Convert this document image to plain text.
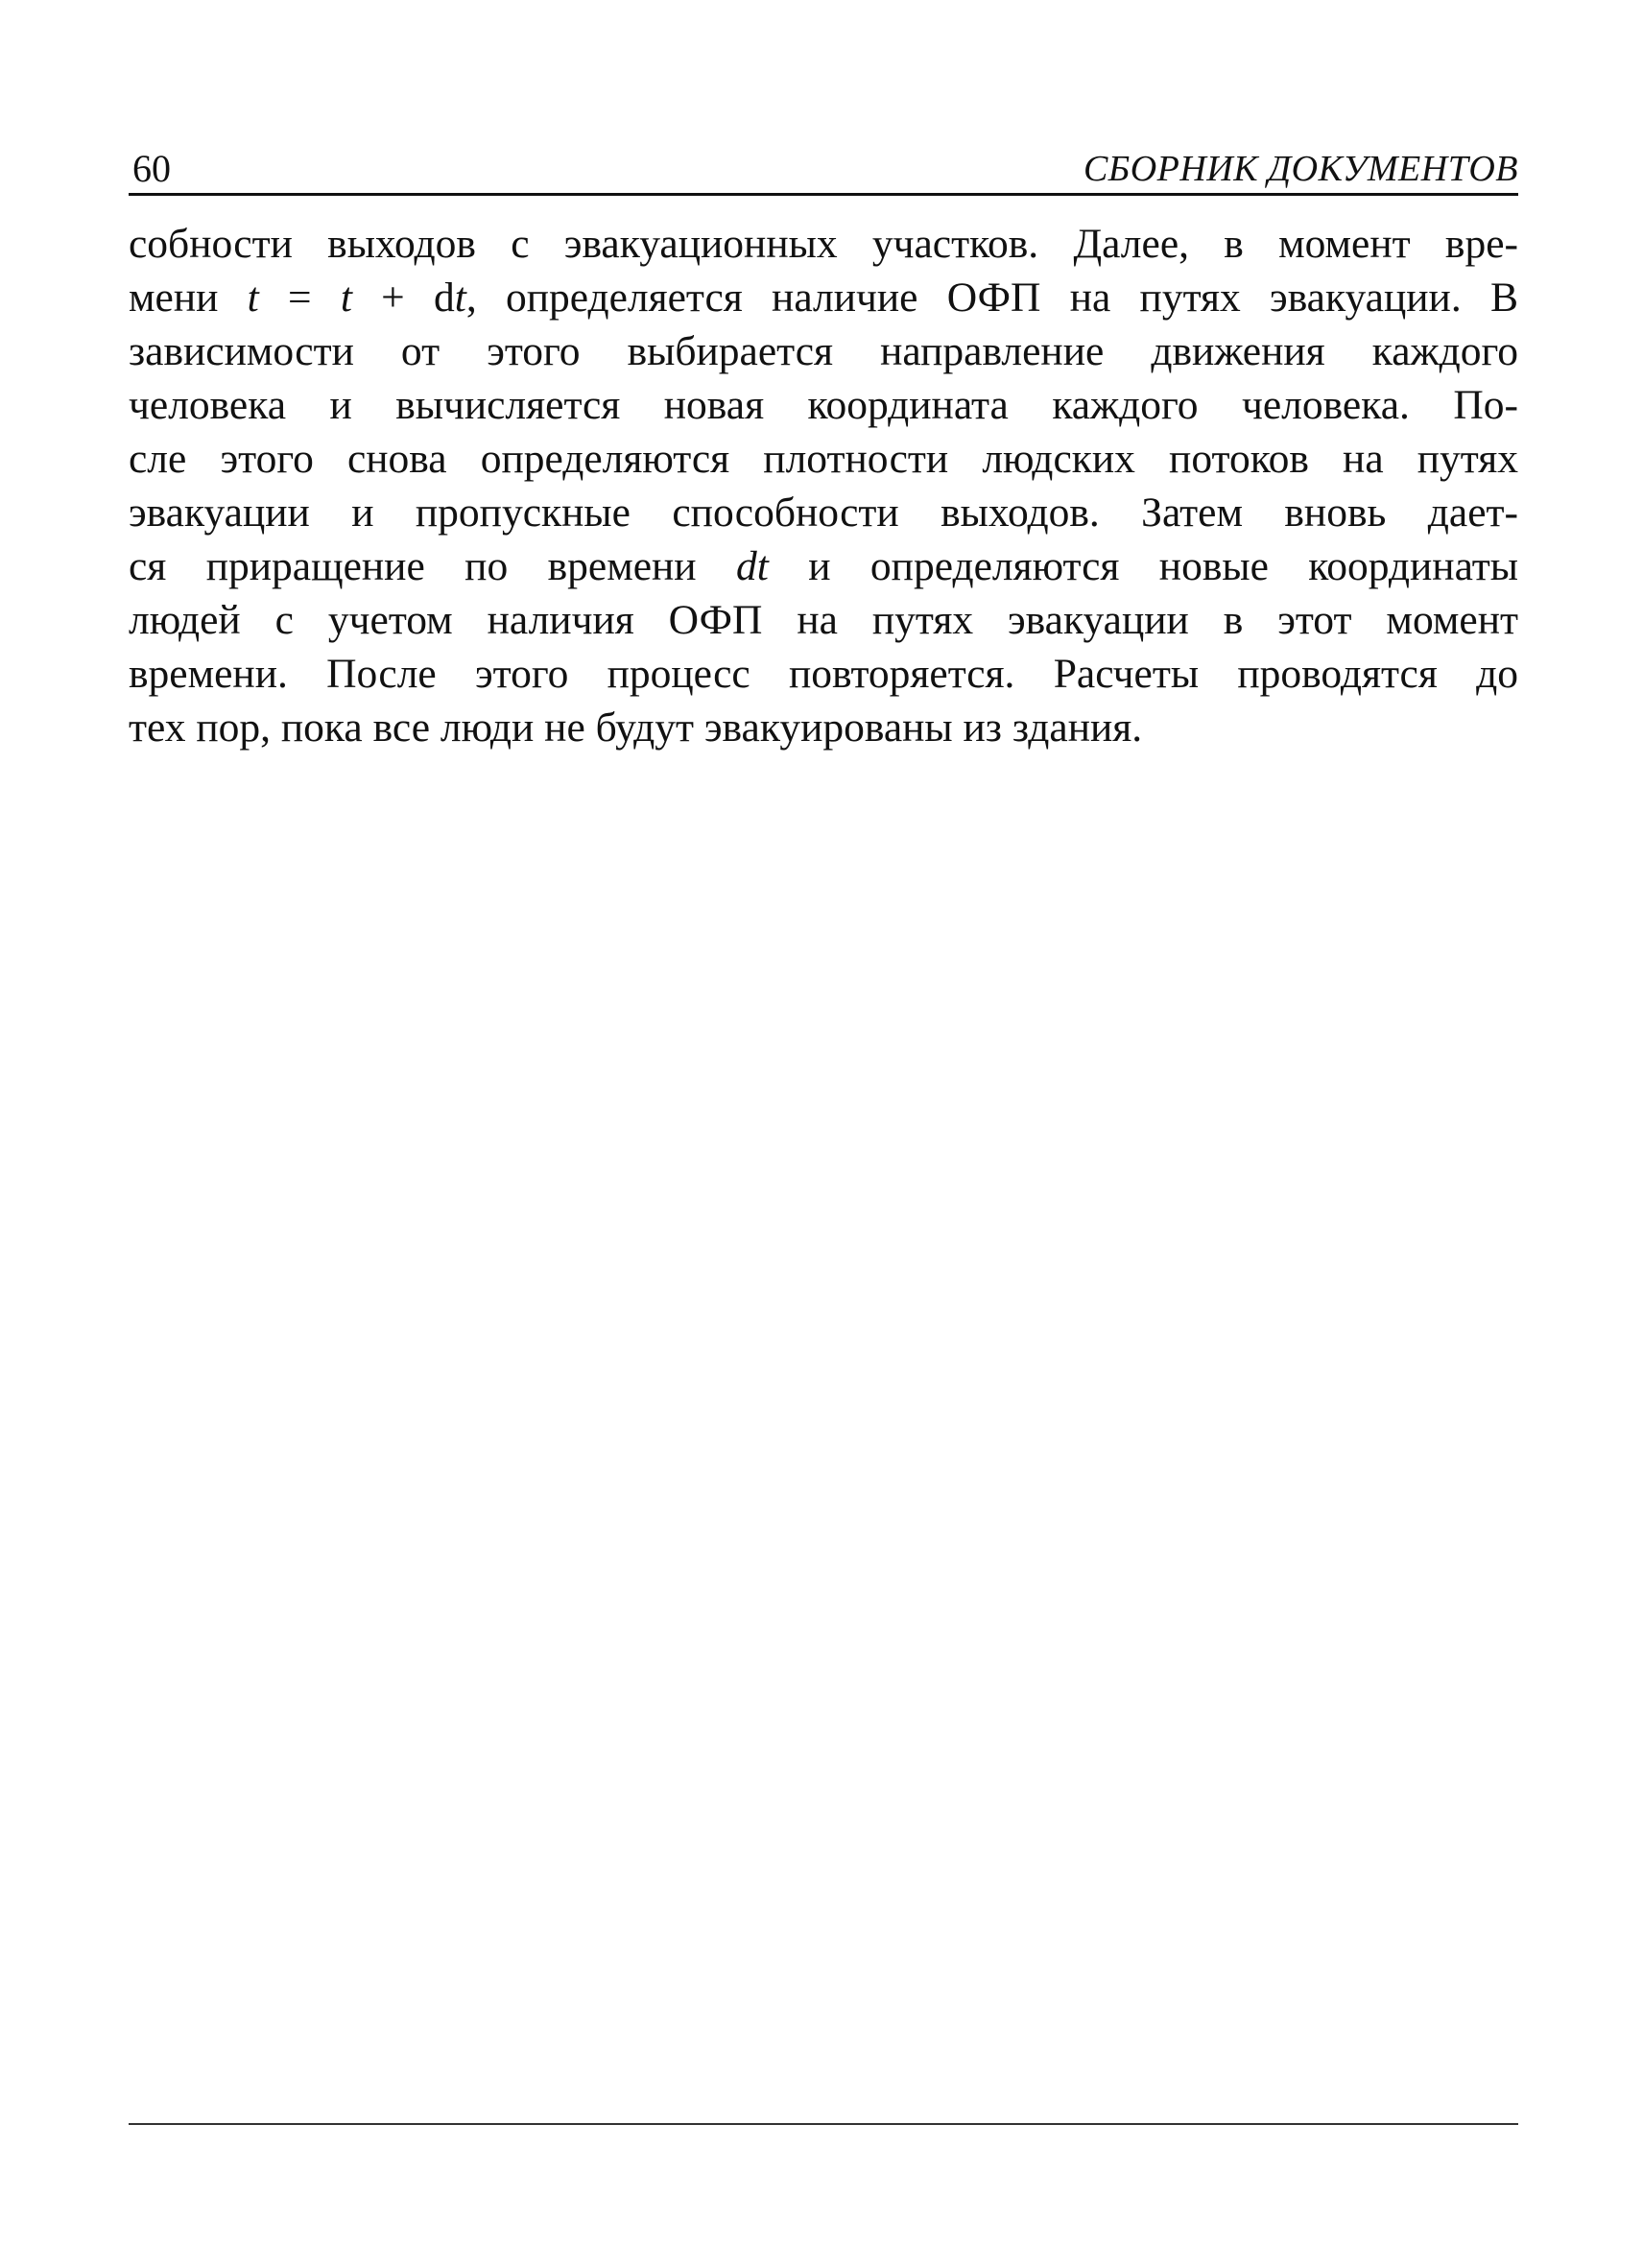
60	СБОРНИК ДОКУМЕНТОВ
собности выходов с эвакуационных участков. Далее, в момент вре-
мени t = t + dt, определяется наличие ОФП на путях эвакуации. В
зависимости от этого выбирается направление движения каждого
человека и вычисляется новая координата каждого человека. По-
сле этого снова определяются плотности людских потоков на путях
эвакуации и пропускные способности выходов. Затем вновь дает-
ся приращение по времени dt и определяются новые координаты
людей с учетом наличия ОФП на путях эвакуации в этот момент
времени. После этого процесс повторяется. Расчеты проводятся до
тех пор, пока все люди не будут эвакуированы из здания.
